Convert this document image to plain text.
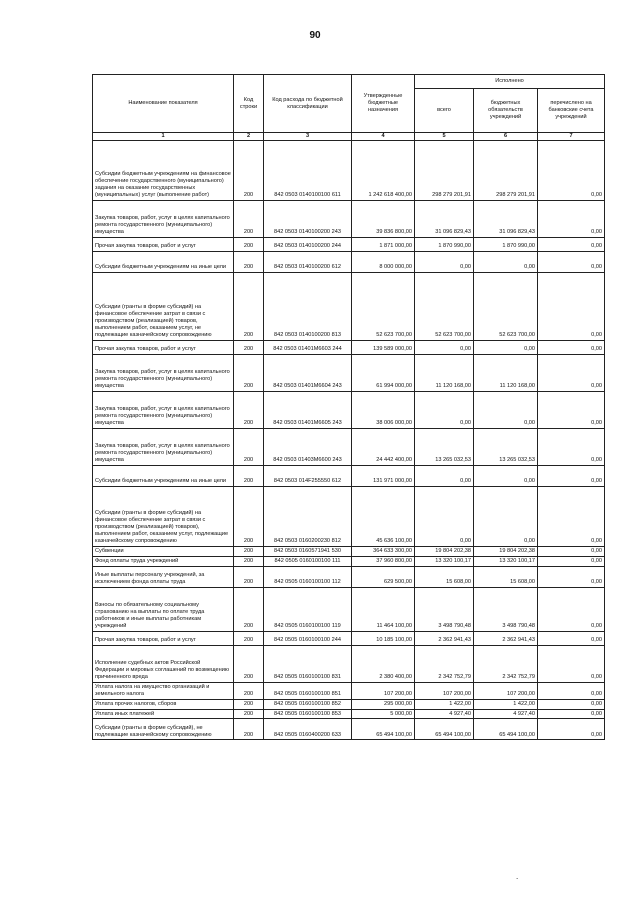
90
Наименование показателя	Код строки	Код расхода по бюджетной классификации	Утвержденные бюджетные назначения	Исполнено		
				всего	бюджетных обязательств учреждений	перечислено на банковские счета учреждений
1	2	3	4	5	6	7
Субсидии бюджетным учреждениям на финансовое обеспечение государственного (муниципального) задания на оказание государственных (муниципальных) услуг (выполнение работ)	200	842 0503 0140100100 611	1 242 618 400,00	298 279 201,91	298 279 201,91	0,00
Закупка товаров, работ, услуг в целях капитального ремонта государственного (муниципального) имущества	200	842 0503 0140100200 243	39 836 800,00	31 096 829,43	31 096 829,43	0,00
Прочая закупка товаров, работ и услуг	200	842 0503 0140100200 244	1 871 000,00	1 870 990,00	1 870 990,00	0,00
Субсидии бюджетным учреждениям на иные цели	200	842 0503 0140100200 612	8 000 000,00	0,00	0,00	0,00
Субсидии (гранты в форме субсидий) на финансовое обеспечение затрат в связи с производством (реализацией) товаров, выполнением работ, оказанием услуг, не подлежащие казначейскому сопровождению	200	842 0503 0140100200 813	52 623 700,00	52 623 700,00	52 623 700,00	0,00
Прочая закупка товаров, работ и услуг	200	842 0503 01401M6603 244	139 589 000,00	0,00	0,00	0,00
Закупка товаров, работ, услуг в целях капитального ремонта государственного (муниципального) имущества	200	842 0503 01401M6604 243	61 994 000,00	11 120 168,00	11 120 168,00	0,00
Закупка товаров, работ, услуг в целях капитального ремонта государственного (муниципального) имущества	200	842 0503 01401M6605 243	38 006 000,00	0,00	0,00	0,00
Закупка товаров, работ, услуг в целях капитального ремонта государственного (муниципального) имущества	200	842 0503 01403M6600 243	24 442 400,00	13 265 032,53	13 265 032,53	0,00
Субсидии бюджетным учреждениям на иные цели	200	842 0503 014F255550 612	131 971 000,00	0,00	0,00	0,00
Субсидии (гранты в форме субсидий) на финансовое обеспечение затрат в связи с производством (реализацией) товаров), выполнением работ, оказанием услуг, подлежащие казначейскому сопровождению	200	842 0503 0160200230 812	45 636 100,00	0,00	0,00	0,00
Субвенции	200	842 0503 0160571941 530	364 633 300,00	19 804 202,38	19 804 202,38	0,00
Фонд оплаты труда учреждений	200	842 0505 0160100100 111	37 960 800,00	13 320 100,17	13 320 100,17	0,00
Иные выплаты персоналу учреждений, за исключением фонда оплаты труда	200	842 0505 0160100100 112	629 500,00	15 608,00	15 608,00	0,00
Взносы по обязательному социальному страхованию на выплаты по оплате труда работников и иные выплаты работникам учреждений	200	842 0505 0160100100 119	11 464 100,00	3 498 790,48	3 498 790,48	0,00
Прочая закупка товаров, работ и услуг	200	842 0505 0160100100 244	10 185 100,00	2 362 941,43	2 362 941,43	0,00
Исполнение судебных актов Российской Федерации и мировых соглашений по возмещению причиненного вреда	200	842 0505 0160100100 831	2 380 400,00	2 342 752,79	2 342 752,79	0,00
Уплата налога на имущество организаций и земельного налога	200	842 0505 0160100100 851	107 200,00	107 200,00	107 200,00	0,00
Уплата прочих налогов, сборов	200	842 0505 0160100100 852	295 000,00	1 422,00	1 422,00	0,00
Уплата иных платежей	200	842 0505 0160100100 853	5 000,00	4 927,40	4 927,40	0,00
Субсидии (гранты в форме субсидий), не подлежащие казначейскому сопровождению	200	842 0505 0160400200 633	65 494 100,00	65 494 100,00	65 494 100,00	0,00
.
